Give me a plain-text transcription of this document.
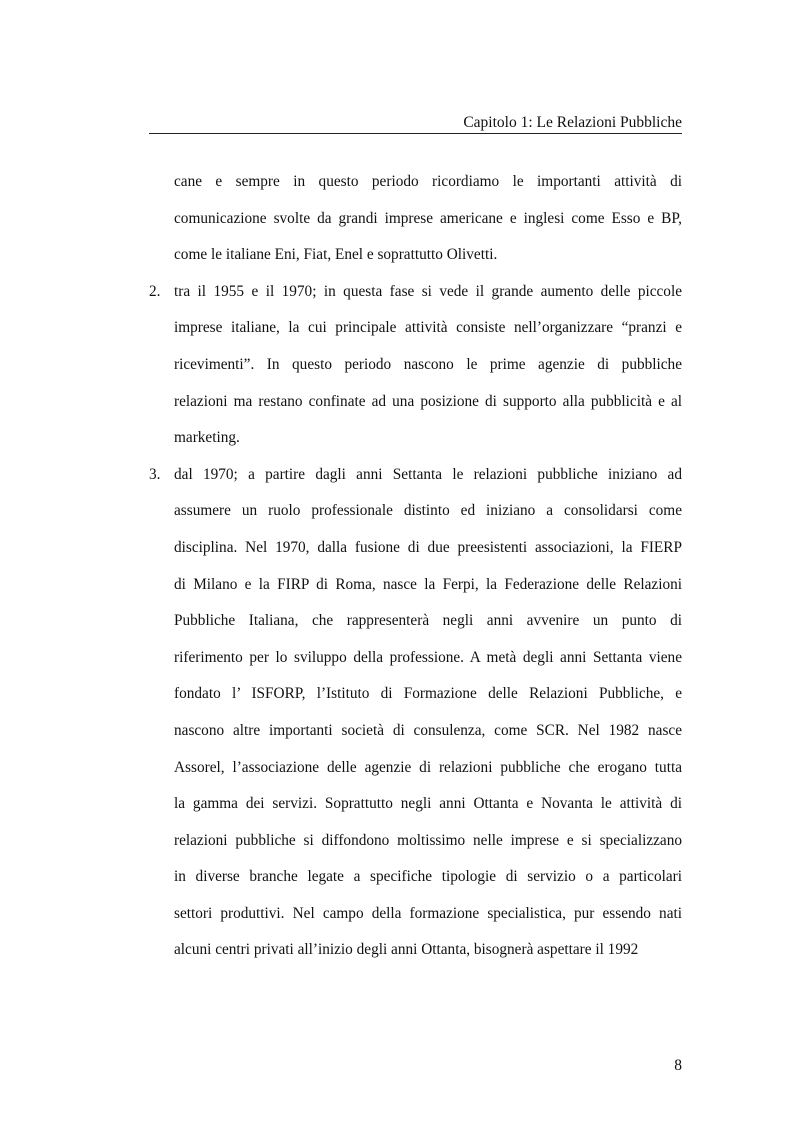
Capitolo 1: Le Relazioni Pubbliche
cane e sempre in questo periodo ricordiamo le importanti attività di
comunicazione svolte da grandi imprese americane e inglesi come Esso e BP,
come le italiane Eni, Fiat, Enel e soprattutto Olivetti.
2. tra il 1955 e il 1970; in questa fase si vede il grande aumento delle piccole
imprese italiane, la cui principale attività consiste nell’organizzare “pranzi e
ricevimenti”. In questo periodo nascono le prime agenzie di pubbliche
relazioni ma restano confinate ad una posizione di supporto alla pubblicità e al
marketing.
3. dal 1970; a partire dagli anni Settanta le relazioni pubbliche iniziano ad
assumere un ruolo professionale distinto ed iniziano a consolidarsi come
disciplina. Nel 1970, dalla fusione di due preesistenti associazioni, la FIERP
di Milano e la FIRP di Roma, nasce la Ferpi, la Federazione delle Relazioni
Pubbliche Italiana, che rappresenterà negli anni avvenire un punto di
riferimento per lo sviluppo della professione. A metà degli anni Settanta viene
fondato l’ ISFORP, l’Istituto di Formazione delle Relazioni Pubbliche, e
nascono altre importanti società di consulenza, come SCR. Nel 1982 nasce
Assorel, l’associazione delle agenzie di relazioni pubbliche che erogano tutta
la gamma dei servizi. Soprattutto negli anni Ottanta e Novanta le attività di
relazioni pubbliche si diffondono moltissimo nelle imprese e si specializzano
in diverse branche legate a specifiche tipologie di servizio o a particolari
settori produttivi. Nel campo della formazione specialistica, pur essendo nati
alcuni centri privati all’inizio degli anni Ottanta, bisognerà aspettare il 1992
8
